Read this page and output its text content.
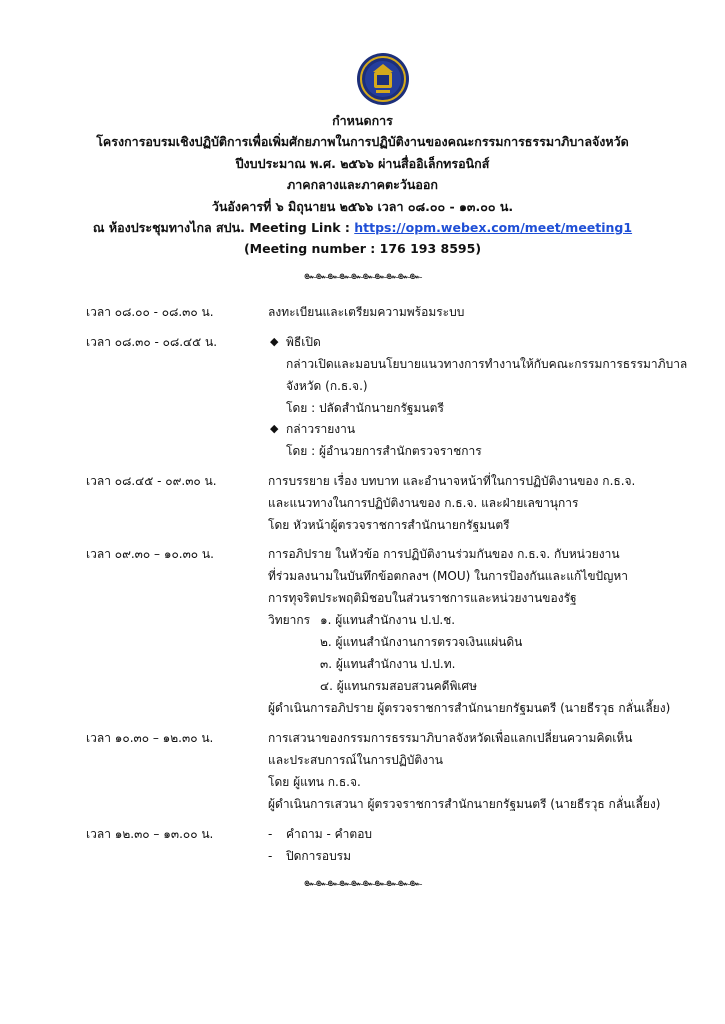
กำหนดการ
โครงการอบรมเชิงปฏิบัติการเพื่อเพิ่มศักยภาพในการปฏิบัติงานของคณะกรรมการธรรมาภิบาลจังหวัด
ปีงบประมาณ พ.ศ. ๒๕๖๖ ผ่านสื่ออิเล็กทรอนิกส์
ภาคกลางและภาคตะวันออก
วันอังคารที่ ๖ มิถุนายน ๒๕๖๖ เวลา ๐๘.๐๐ - ๑๓.๐๐ น.
ณ ห้องประชุมทางไกล สปน. Meeting Link : https://opm.webex.com/meet/meeting1
(Meeting number : 176 193 8595)
๛๛๛๛๛๛๛๛๛๛
เวลา ๐๘.๐๐ - ๐๘.๓๐ น.	ลงทะเบียนและเตรียมความพร้อมระบบ
เวลา ๐๘.๓๐ - ๐๘.๔๕ น.	◆ พิธีเปิด
กล่าวเปิดและมอบนโยบายแนวทางการทำงานให้กับคณะกรรมการธรรมาภิบาล
จังหวัด (ก.ธ.จ.)
โดย : ปลัดสำนักนายกรัฐมนตรี
◆ กล่าวรายงาน
โดย : ผู้อำนวยการสำนักตรวจราชการ
เวลา ๐๘.๔๕ - ๐๙.๓๐ น.	การบรรยาย เรื่อง บทบาท และอำนาจหน้าที่ในการปฏิบัติงานของ ก.ธ.จ.
และแนวทางในการปฏิบัติงานของ ก.ธ.จ. และฝ่ายเลขานุการ
โดย หัวหน้าผู้ตรวจราชการสำนักนายกรัฐมนตรี
เวลา ๐๙.๓๐ – ๑๐.๓๐ น.	การอภิปราย ในหัวข้อ การปฏิบัติงานร่วมกันของ ก.ธ.จ. กับหน่วยงาน
ที่ร่วมลงนามในบันทึกข้อตกลงฯ (MOU) ในการป้องกันและแก้ไขปัญหา
การทุจริตประพฤติมิชอบในส่วนราชการและหน่วยงานของรัฐ
วิทยากร ๑. ผู้แทนสำนักงาน ป.ป.ช.
๒. ผู้แทนสำนักงานการตรวจเงินแผ่นดิน
๓. ผู้แทนสำนักงาน ป.ป.ท.
๔. ผู้แทนกรมสอบสวนคดีพิเศษ
ผู้ดำเนินการอภิปราย ผู้ตรวจราชการสำนักนายกรัฐมนตรี (นายธีรวุธ กลั่นเลี้ยง)
เวลา ๑๐.๓๐ – ๑๒.๓๐ น.	การเสวนาของกรรมการธรรมาภิบาลจังหวัดเพื่อแลกเปลี่ยนความคิดเห็น
และประสบการณ์ในการปฏิบัติงาน
โดย ผู้แทน ก.ธ.จ.
ผู้ดำเนินการเสวนา ผู้ตรวจราชการสำนักนายกรัฐมนตรี (นายธีรวุธ กลั่นเลี้ยง)
เวลา ๑๒.๓๐ – ๑๓.๐๐ น.	- คำถาม - คำตอบ
- ปิดการอบรม
๛๛๛๛๛๛๛๛๛๛
